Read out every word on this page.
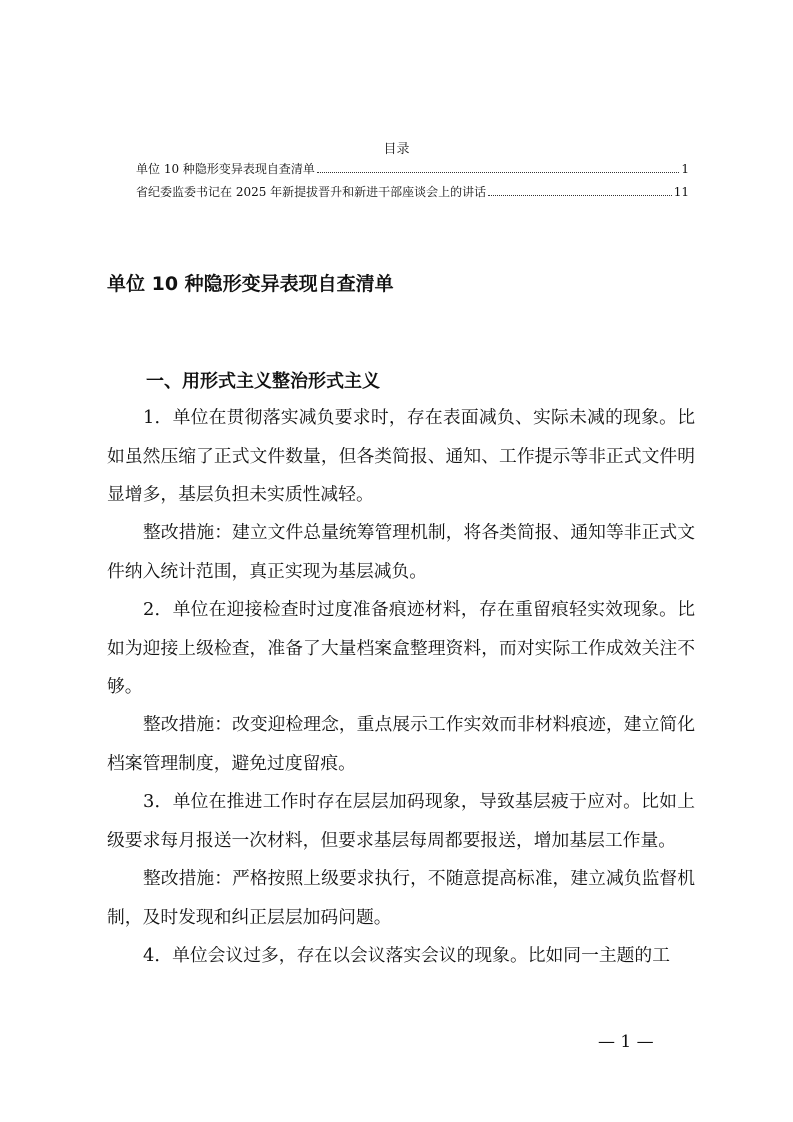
目录
单位 10 种隐形变异表现自查清单	1
省纪委监委书记在 2025 年新提拔晋升和新进干部座谈会上的讲话	11
单位 10 种隐形变异表现自查清单
一、用形式主义整治形式主义

1．单位在贯彻落实减负要求时，存在表面减负、实际未减的现象。比如虽然压缩了正式文件数量，但各类简报、通知、工作提示等非正式文件明显增多，基层负担未实质性减轻。

整改措施：建立文件总量统筹管理机制，将各类简报、通知等非正式文件纳入统计范围，真正实现为基层减负。

2．单位在迎接检查时过度准备痕迹材料，存在重留痕轻实效现象。比如为迎接上级检查，准备了大量档案盒整理资料，而对实际工作成效关注不够。

整改措施：改变迎检理念，重点展示工作实效而非材料痕迹，建立简化档案管理制度，避免过度留痕。

3．单位在推进工作时存在层层加码现象，导致基层疲于应对。比如上级要求每月报送一次材料，但要求基层每周都要报送，增加基层工作量。

整改措施：严格按照上级要求执行，不随意提高标准，建立减负监督机制，及时发现和纠正层层加码问题。

4．单位会议过多，存在以会议落实会议的现象。比如同一主题的工

— 1 —
